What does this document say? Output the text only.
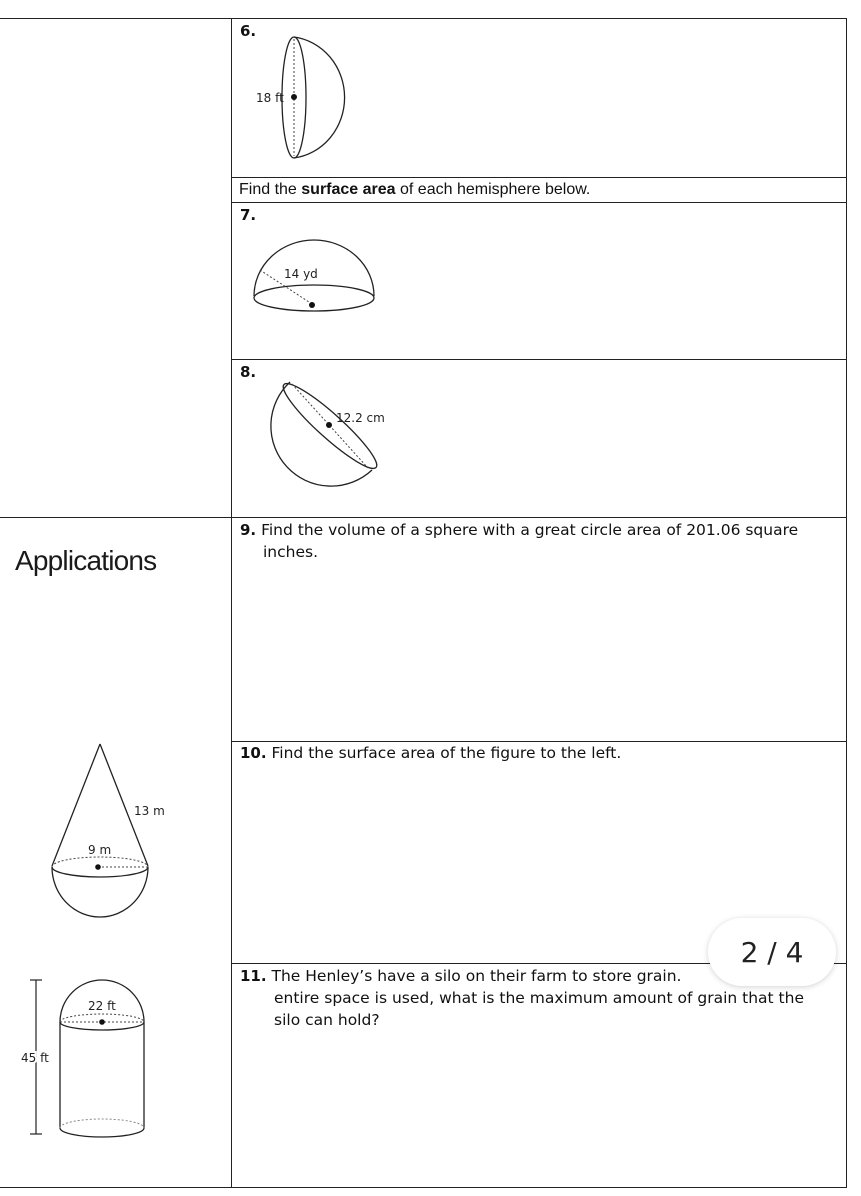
6.
18 ft
Find the surface area of each hemisphere below.
7.
14 yd
8.
12.2 cm
Applications
9. Find the volume of a sphere with a great circle area of 201.06 square
inches.
10. Find the surface area of the figure to the left.
13 m
9 m
11. The Henley’s have a silo on their farm to store grain.
entire space is used, what is the maximum amount of grain that the
silo can hold?
22 ft
45 ft
2 / 4
